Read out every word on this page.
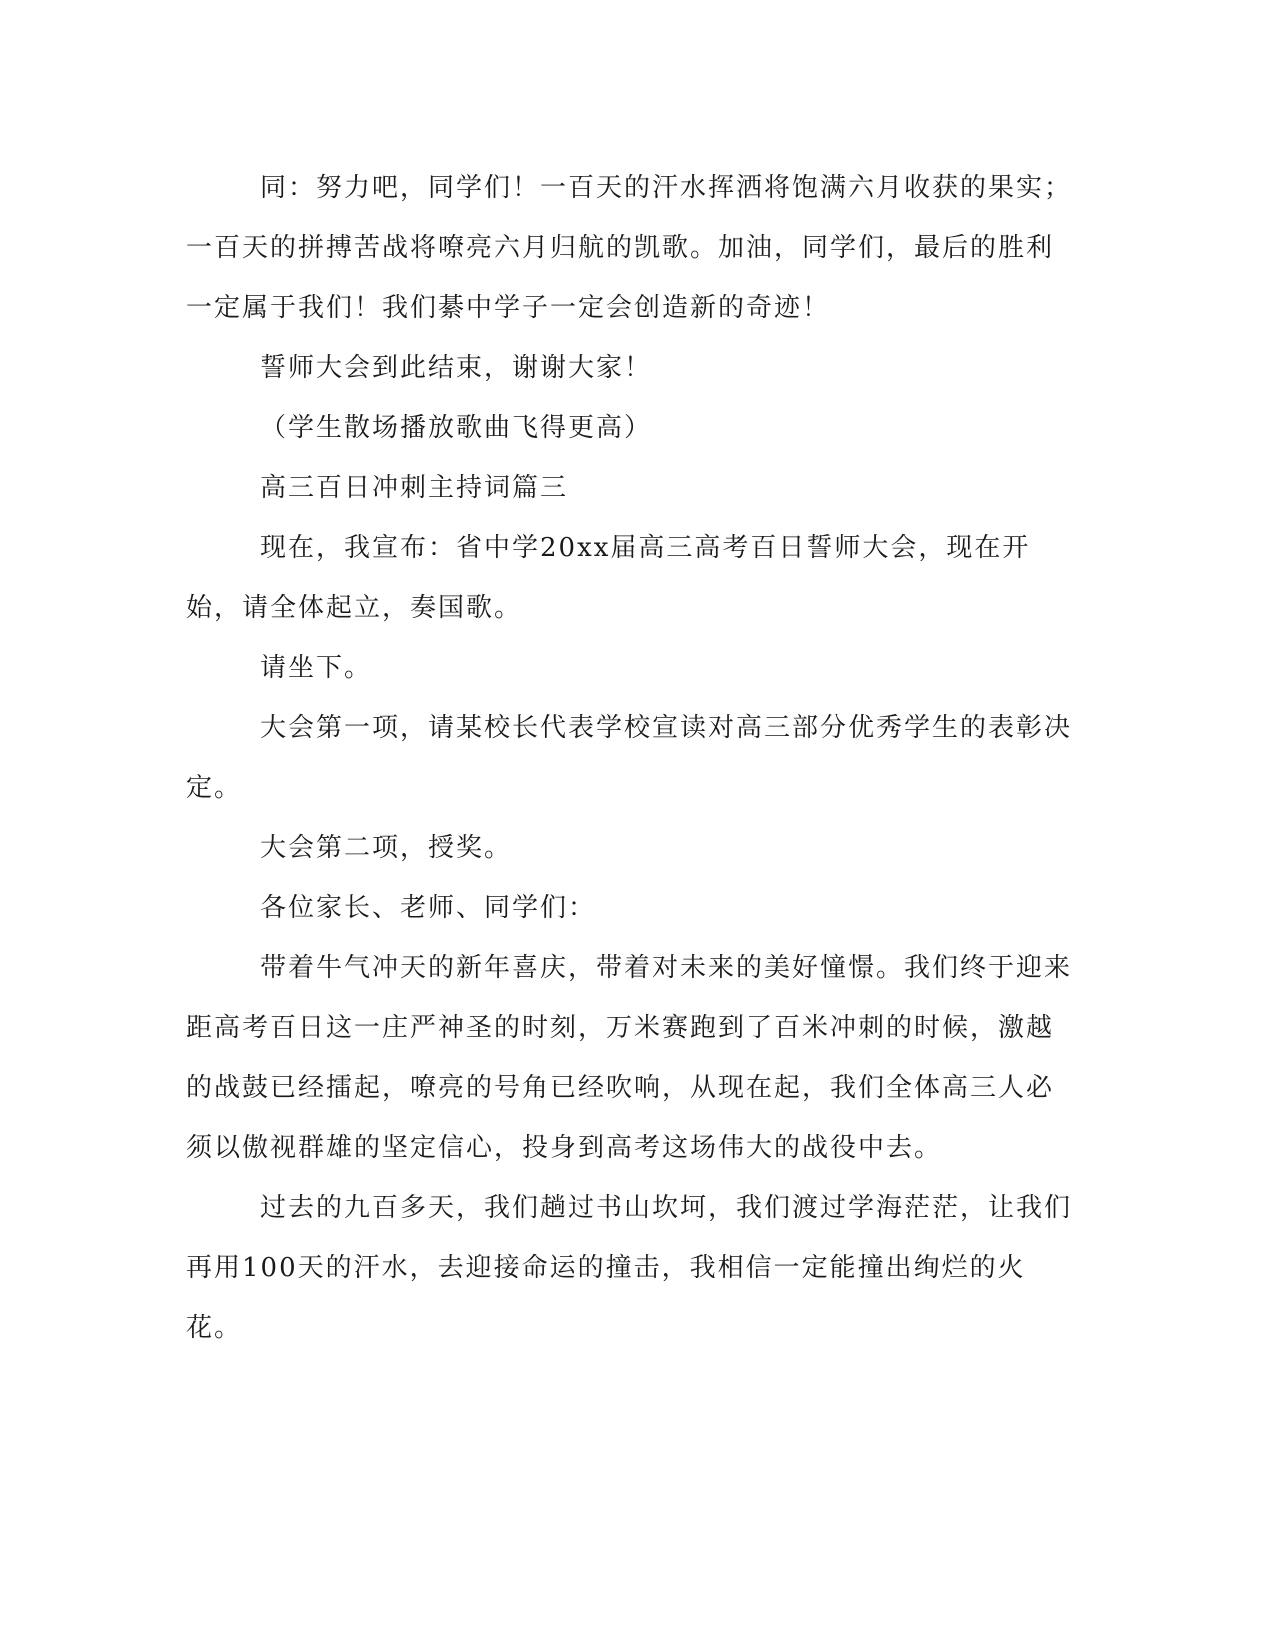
同：努力吧，同学们！一百天的汗水挥洒将饱满六月收获的果实；一百天的拼搏苦战将嘹亮六月归航的凯歌。加油，同学们，最后的胜利一定属于我们！我们綦中学子一定会创造新的奇迹！

誓师大会到此结束，谢谢大家！

（学生散场播放歌曲飞得更高）

高三百日冲刺主持词篇三

现在，我宣布：省中学20xx届高三高考百日誓师大会，现在开始，请全体起立，奏国歌。

请坐下。

大会第一项，请某校长代表学校宣读对高三部分优秀学生的表彰决定。

大会第二项，授奖。

各位家长、老师、同学们：

带着牛气冲天的新年喜庆，带着对未来的美好憧憬。我们终于迎来距高考百日这一庄严神圣的时刻，万米赛跑到了百米冲刺的时候，激越的战鼓已经擂起，嘹亮的号角已经吹响，从现在起，我们全体高三人必须以傲视群雄的坚定信心，投身到高考这场伟大的战役中去。

过去的九百多天，我们趟过书山坎坷，我们渡过学海茫茫，让我们再用100天的汗水，去迎接命运的撞击，我相信一定能撞出绚烂的火花。
